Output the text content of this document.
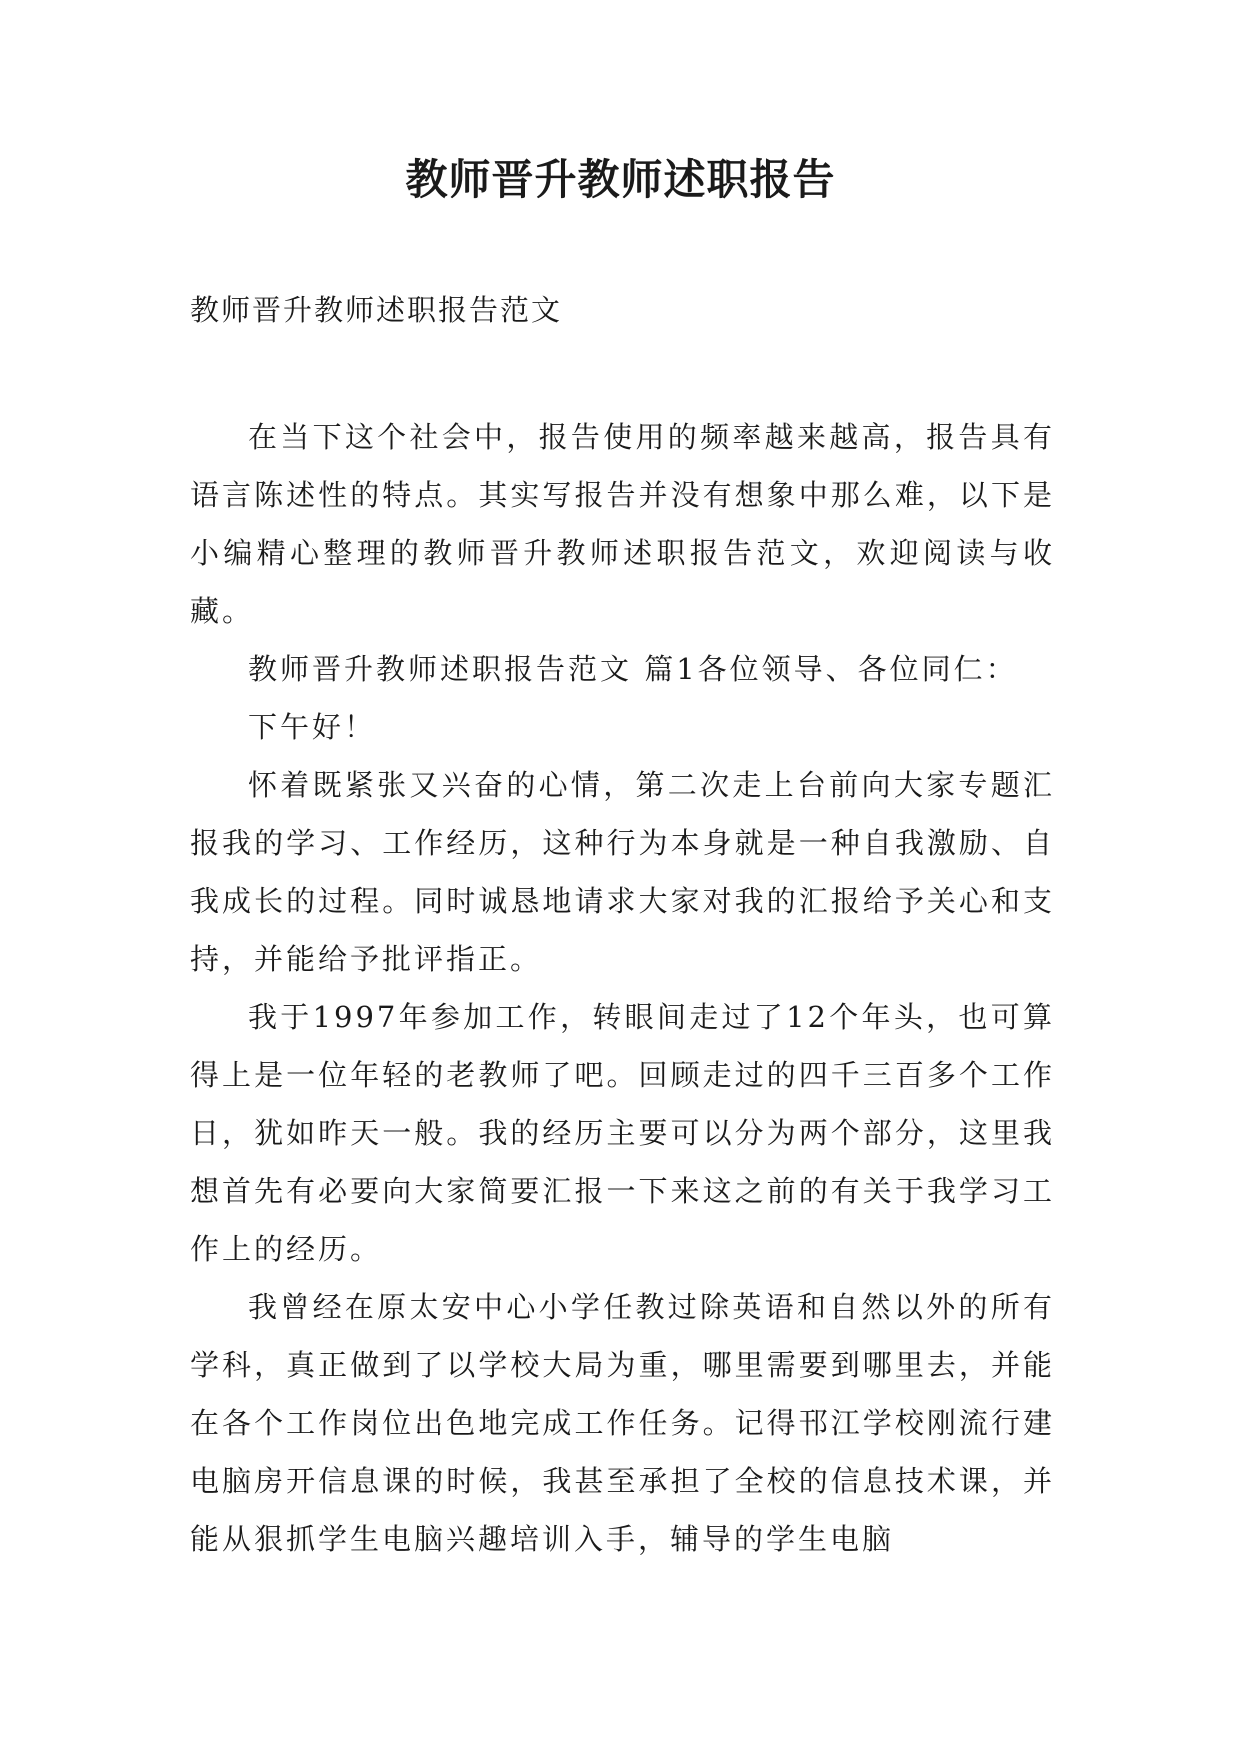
教师晋升教师述职报告

教师晋升教师述职报告范文

在当下这个社会中，报告使用的频率越来越高，报告具有语言陈述性的特点。其实写报告并没有想象中那么难，以下是小编精心整理的教师晋升教师述职报告范文，欢迎阅读与收藏。

教师晋升教师述职报告范文 篇1各位领导、各位同仁：

下午好！

怀着既紧张又兴奋的心情，第二次走上台前向大家专题汇报我的学习、工作经历，这种行为本身就是一种自我激励、自我成长的过程。同时诚恳地请求大家对我的汇报给予关心和支持，并能给予批评指正。

我于1997年参加工作，转眼间走过了12个年头，也可算得上是一位年轻的老教师了吧。回顾走过的四千三百多个工作日，犹如昨天一般。我的经历主要可以分为两个部分，这里我想首先有必要向大家简要汇报一下来这之前的有关于我学习工作上的经历。

我曾经在原太安中心小学任教过除英语和自然以外的所有学科，真正做到了以学校大局为重，哪里需要到哪里去，并能在各个工作岗位出色地完成工作任务。记得邗江学校刚流行建电脑房开信息课的时候，我甚至承担了全校的信息技术课，并能从狠抓学生电脑兴趣培训入手，辅导的学生电脑
